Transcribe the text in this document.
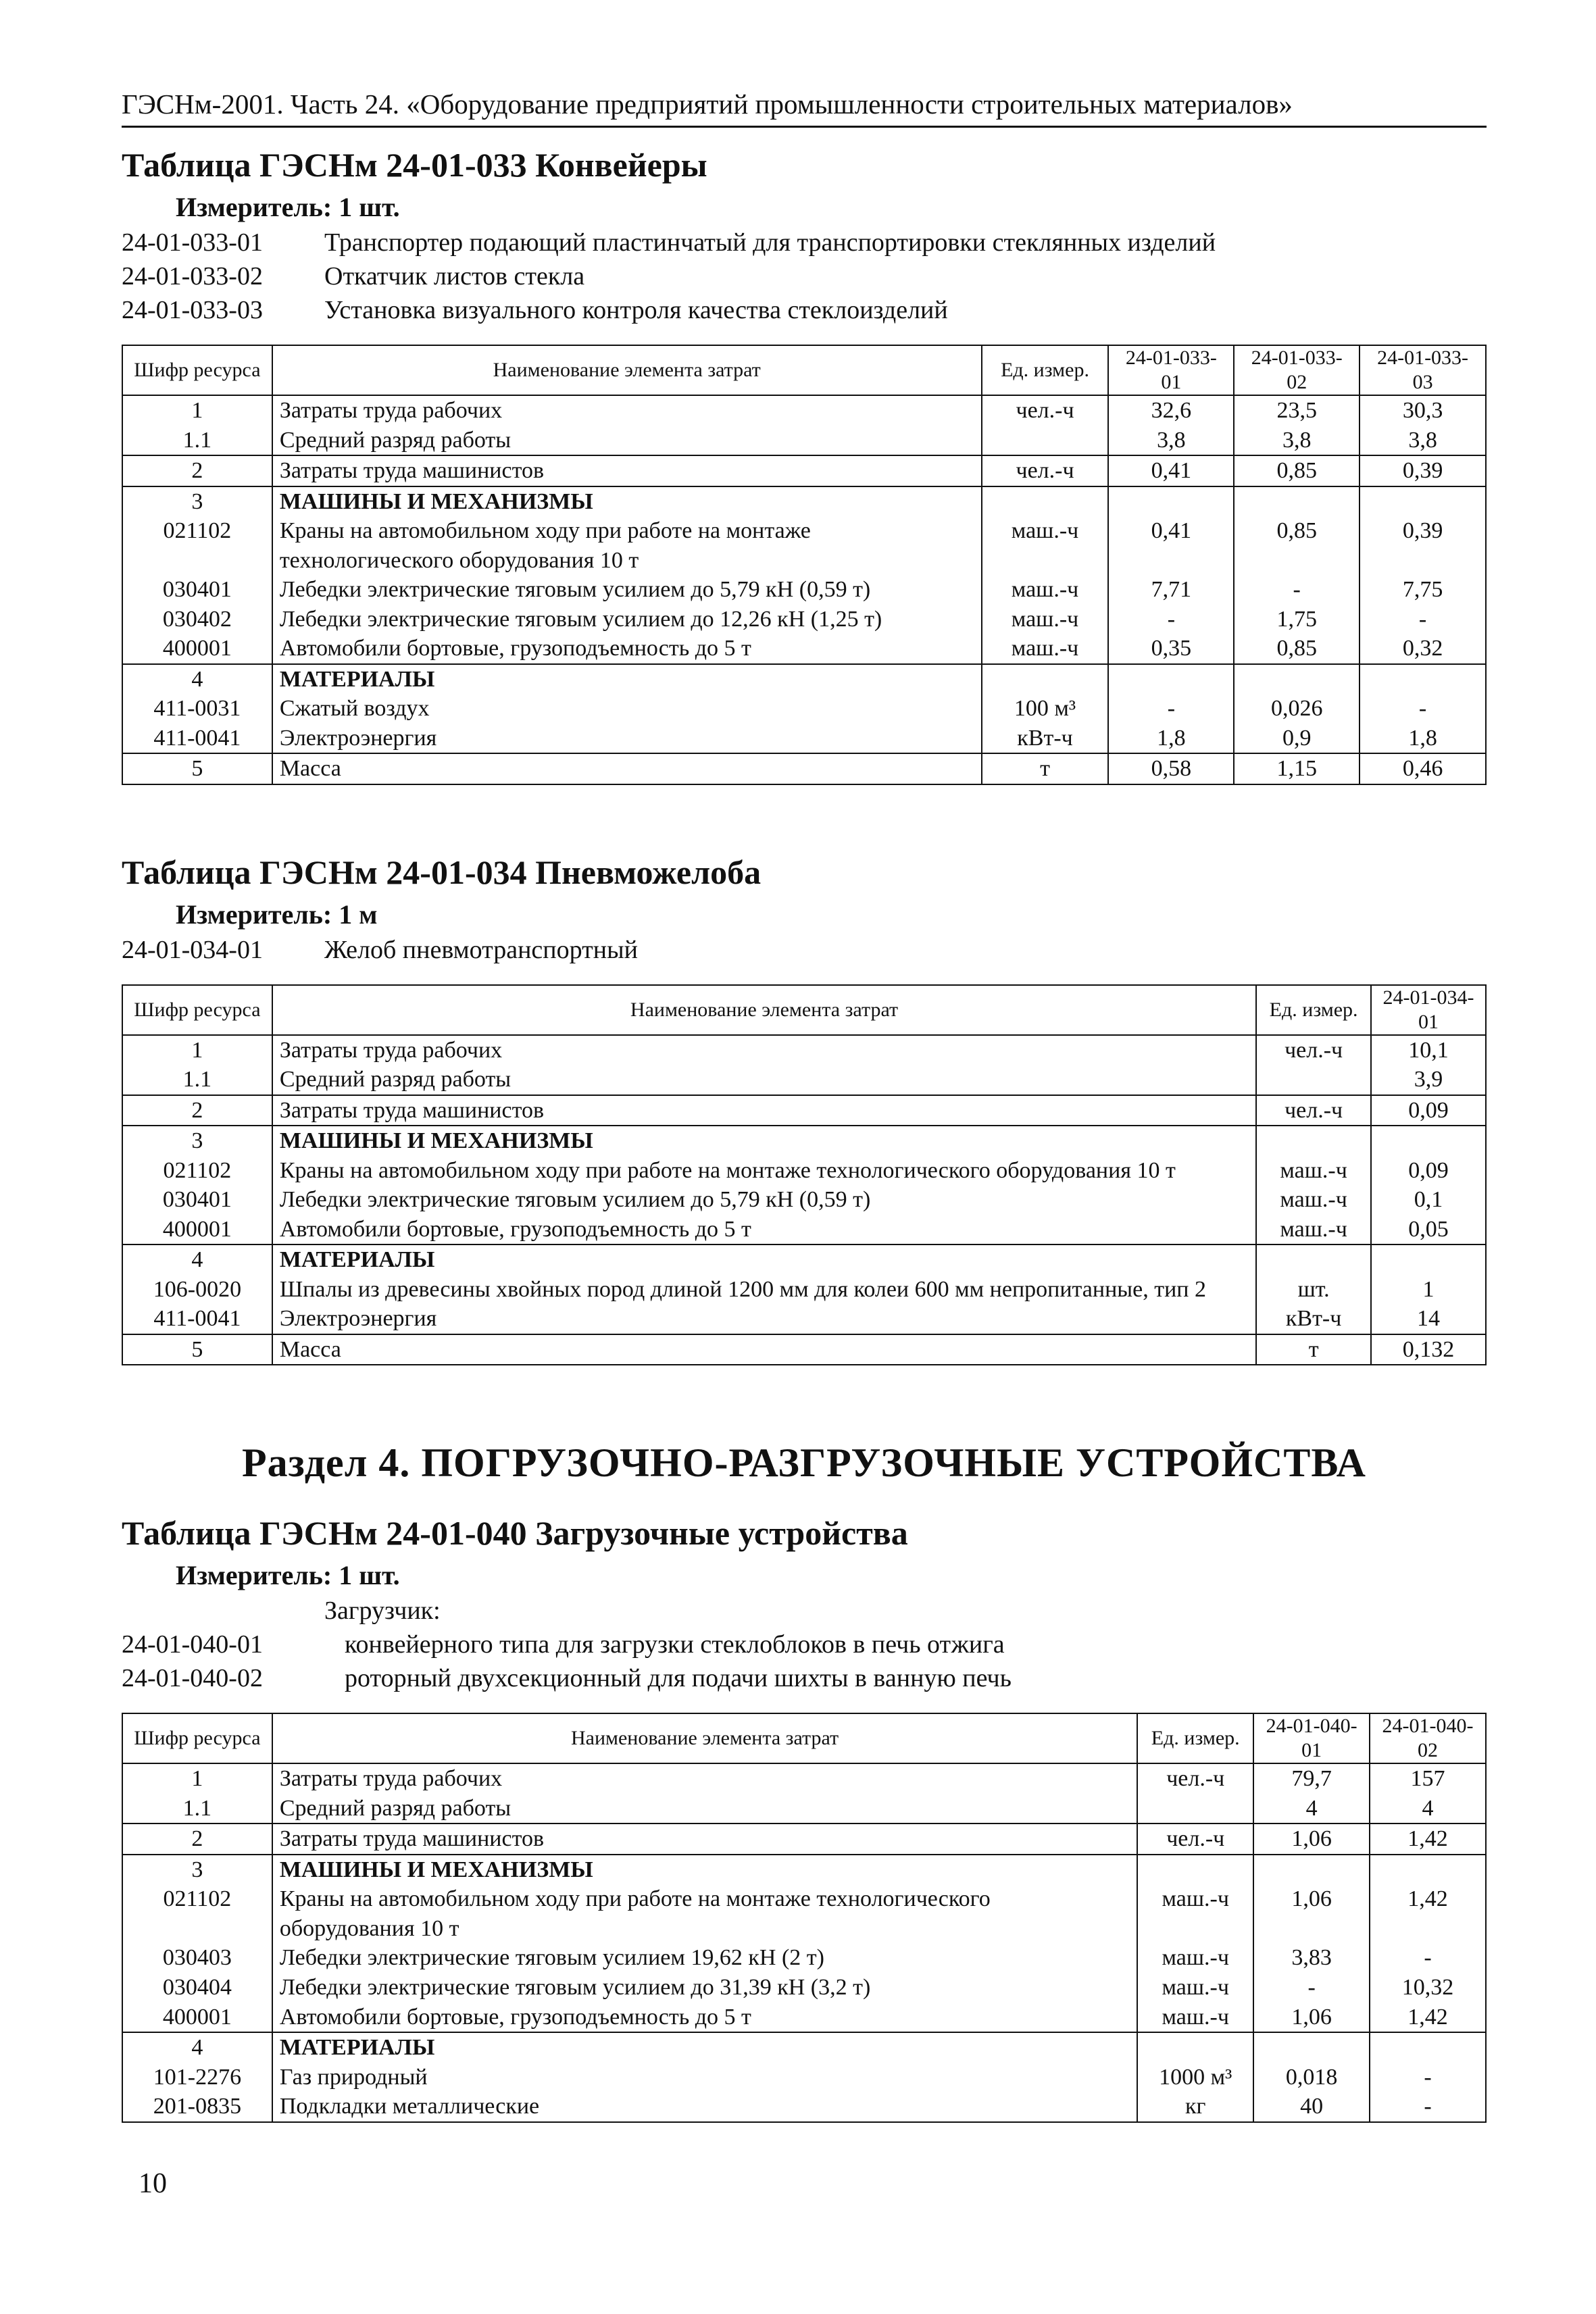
ГЭСНм-2001. Часть 24. «Оборудование предприятий промышленности строительных материалов»
Таблица ГЭСНм 24-01-033 Конвейеры
Измеритель: 1 шт.
24-01-033-01	Транспортер подающий пластинчатый для транспортировки стеклянных изделий
24-01-033-02	Откатчик листов стекла
24-01-033-03	Установка визуального контроля качества стеклоизделий
Шифр ресурса	Наименование элемента затрат	Ед. измер.	24-01-033-01	24-01-033-02	24-01-033-03
1	Затраты труда рабочих	чел.-ч	32,6	23,5	30,3
1.1	Средний разряд работы		3,8	3,8	3,8
2	Затраты труда машинистов	чел.-ч	0,41	0,85	0,39
3	МАШИНЫ И МЕХАНИЗМЫ				
021102	Краны на автомобильном ходу при работе на монтаже технологического оборудования 10 т	маш.-ч	0,41	0,85	0,39
030401	Лебедки электрические тяговым усилием до 5,79 кН (0,59 т)	маш.-ч	7,71	-	7,75
030402	Лебедки электрические тяговым усилием до 12,26 кН (1,25 т)	маш.-ч	-	1,75	-
400001	Автомобили бортовые, грузоподъемность до 5 т	маш.-ч	0,35	0,85	0,32
4	МАТЕРИАЛЫ				
411-0031	Сжатый воздух	100 м³	-	0,026	-
411-0041	Электроэнергия	кВт-ч	1,8	0,9	1,8
5	Масса	т	0,58	1,15	0,46
Таблица ГЭСНм 24-01-034 Пневможелоба
Измеритель: 1 м
24-01-034-01	Желоб пневмотранспортный
Шифр ресурса	Наименование элемента затрат	Ед. измер.	24-01-034-01
1	Затраты труда рабочих	чел.-ч	10,1
1.1	Средний разряд работы		3,9
2	Затраты труда машинистов	чел.-ч	0,09
3	МАШИНЫ И МЕХАНИЗМЫ		
021102	Краны на автомобильном ходу при работе на монтаже технологического оборудования 10 т	маш.-ч	0,09
030401	Лебедки электрические тяговым усилием до 5,79 кН (0,59 т)	маш.-ч	0,1
400001	Автомобили бортовые, грузоподъемность до 5 т	маш.-ч	0,05
4	МАТЕРИАЛЫ		
106-0020	Шпалы из древесины хвойных пород длиной 1200 мм для колеи 600 мм непропитанные, тип 2	шт.	1
411-0041	Электроэнергия	кВт-ч	14
5	Масса	т	0,132
Раздел 4. ПОГРУЗОЧНО-РАЗГРУЗОЧНЫЕ УСТРОЙСТВА
Таблица ГЭСНм 24-01-040 Загрузочные устройства
Измеритель: 1 шт.
Загрузчик:
24-01-040-01	конвейерного типа для загрузки стеклоблоков в печь отжига
24-01-040-02	роторный двухсекционный для подачи шихты в ванную печь
Шифр ресурса	Наименование элемента затрат	Ед. измер.	24-01-040-01	24-01-040-02
1	Затраты труда рабочих	чел.-ч	79,7	157
1.1	Средний разряд работы		4	4
2	Затраты труда машинистов	чел.-ч	1,06	1,42
3	МАШИНЫ И МЕХАНИЗМЫ			
021102	Краны на автомобильном ходу при работе на монтаже технологического оборудования 10 т	маш.-ч	1,06	1,42
030403	Лебедки электрические тяговым усилием 19,62 кН (2 т)	маш.-ч	3,83	-
030404	Лебедки электрические тяговым усилием до 31,39 кН (3,2 т)	маш.-ч	-	10,32
400001	Автомобили бортовые, грузоподъемность до 5 т	маш.-ч	1,06	1,42
4	МАТЕРИАЛЫ			
101-2276	Газ природный	1000 м³	0,018	-
201-0835	Подкладки металлические	кг	40	-
10
